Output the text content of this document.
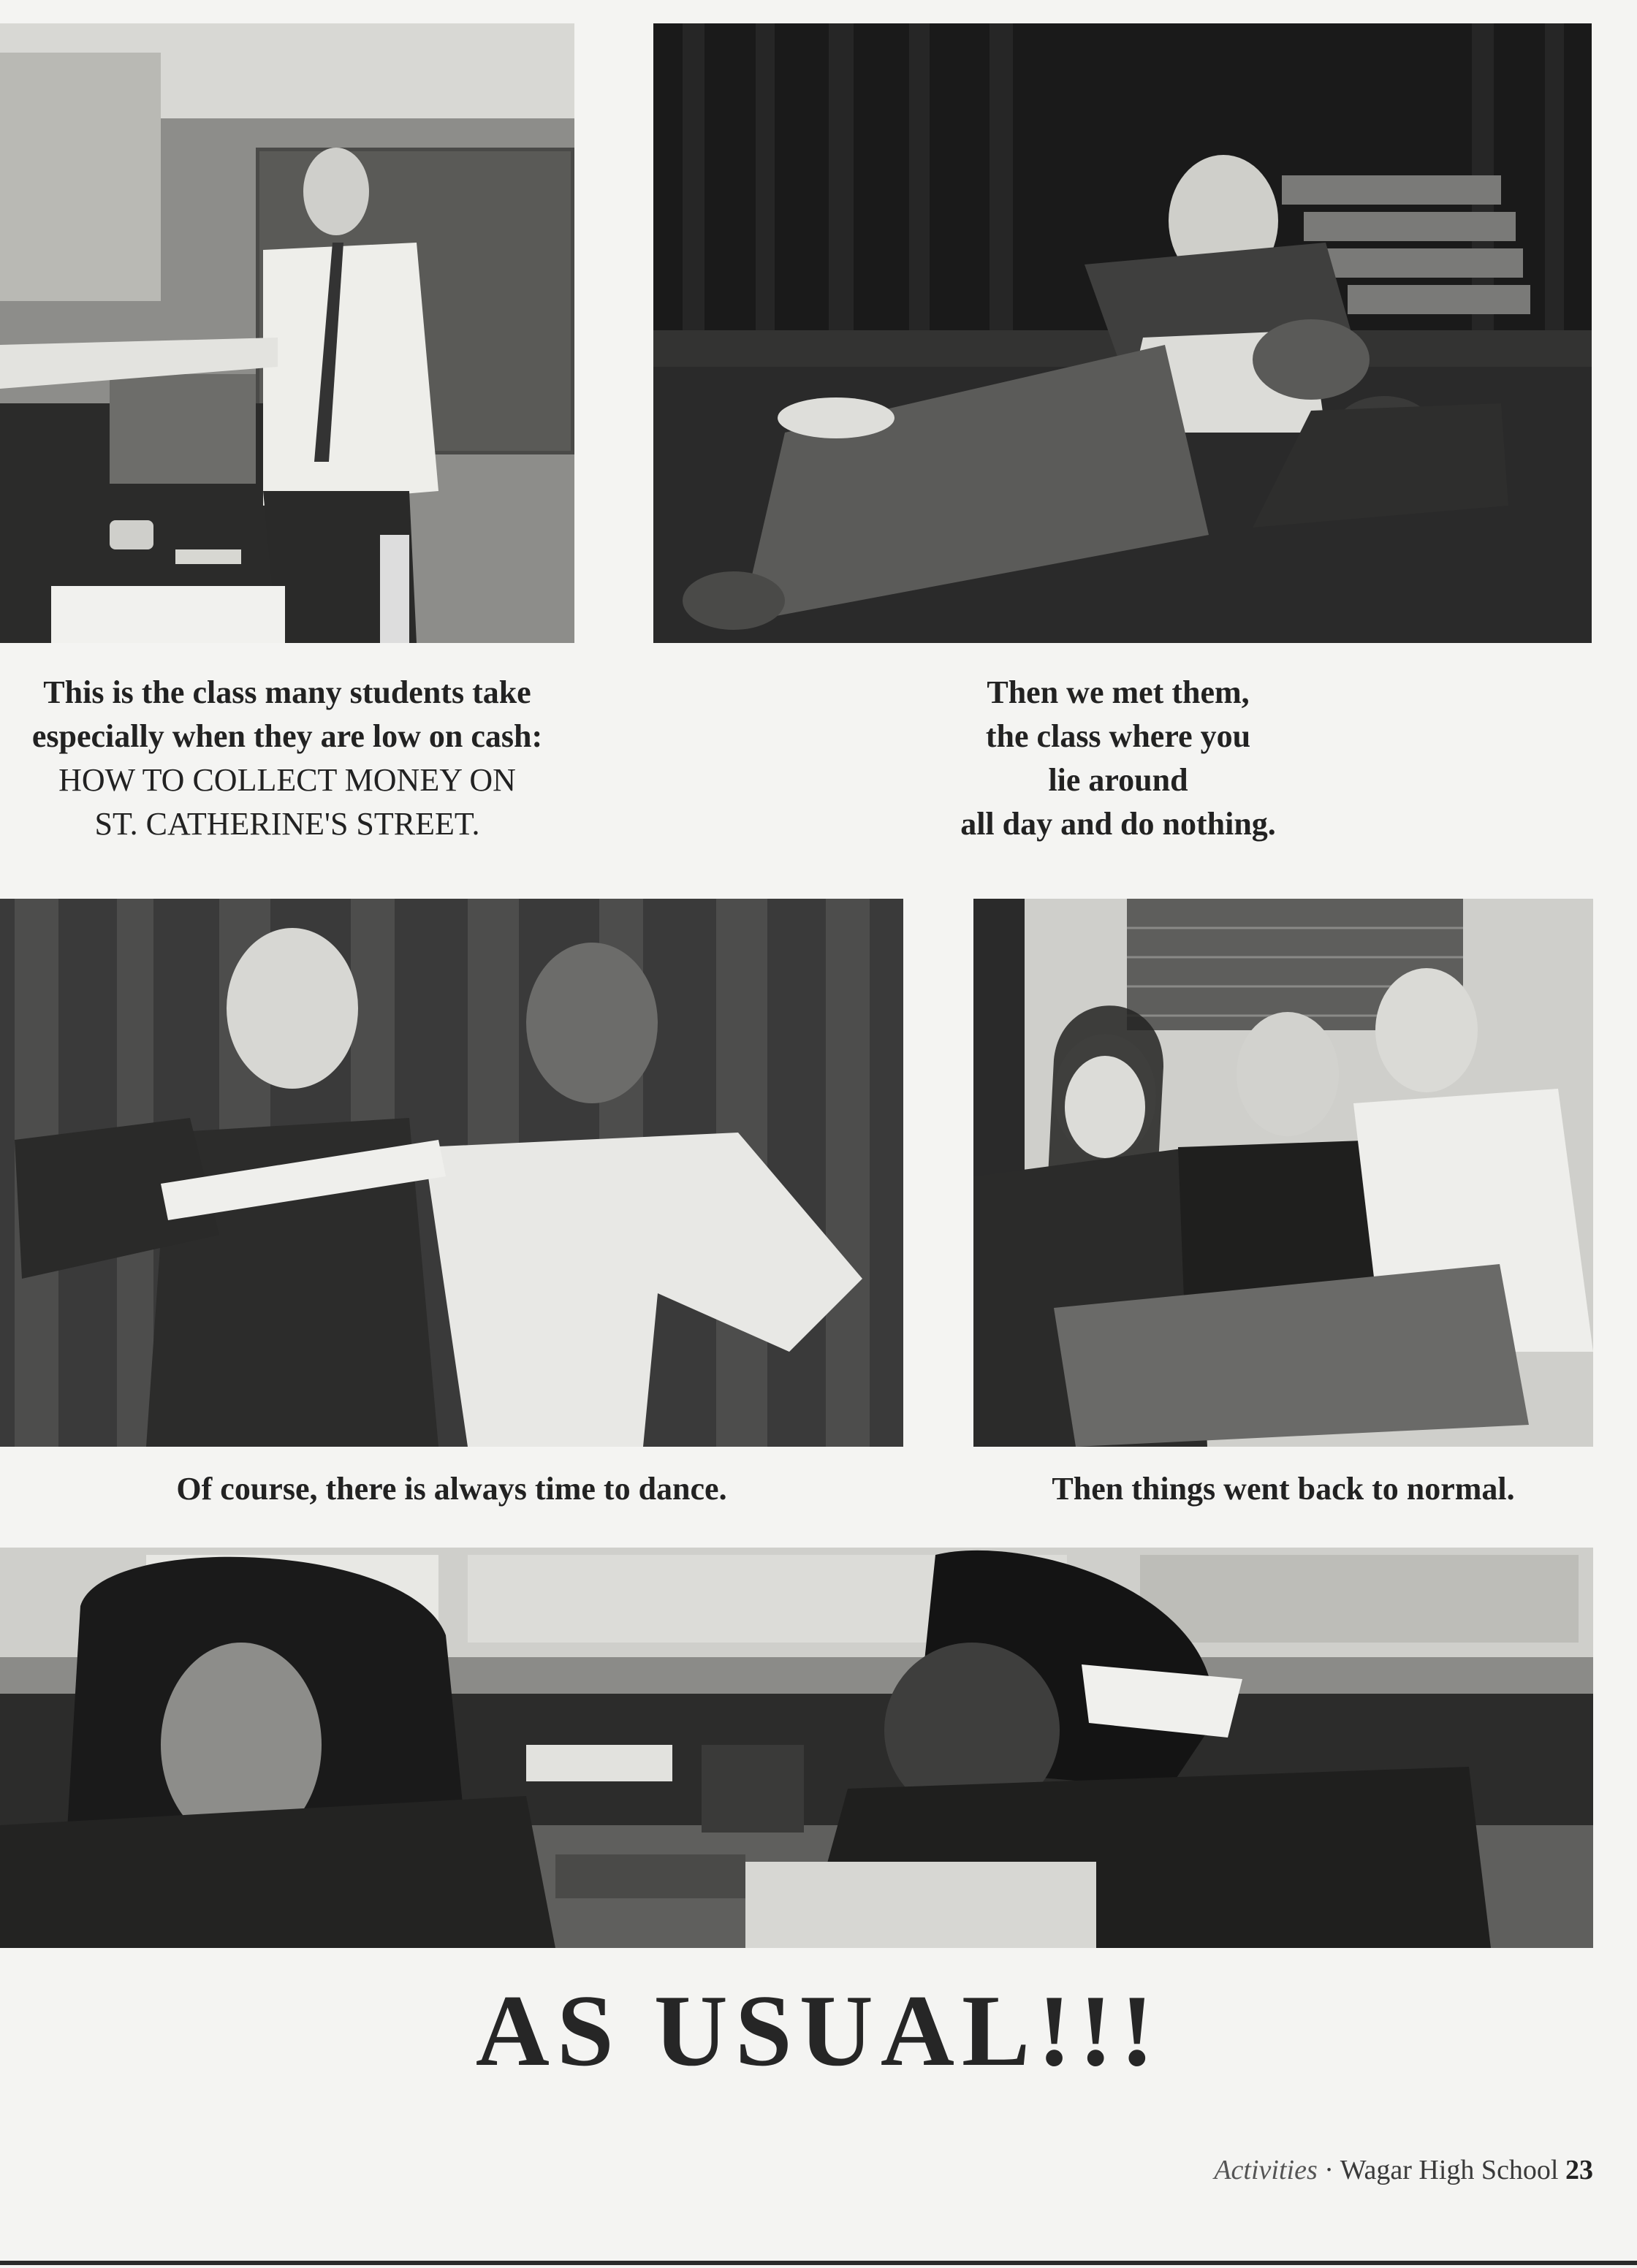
This is the class many students take
especially when they are low on cash:
HOW TO COLLECT MONEY ON
ST. CATHERINE'S STREET.
Then we met them,
the class where you
lie around
all day and do nothing.
Of course, there is always time to dance.	Then things went back to normal.
AS USUAL!!!
Activities · Wagar High School 23
